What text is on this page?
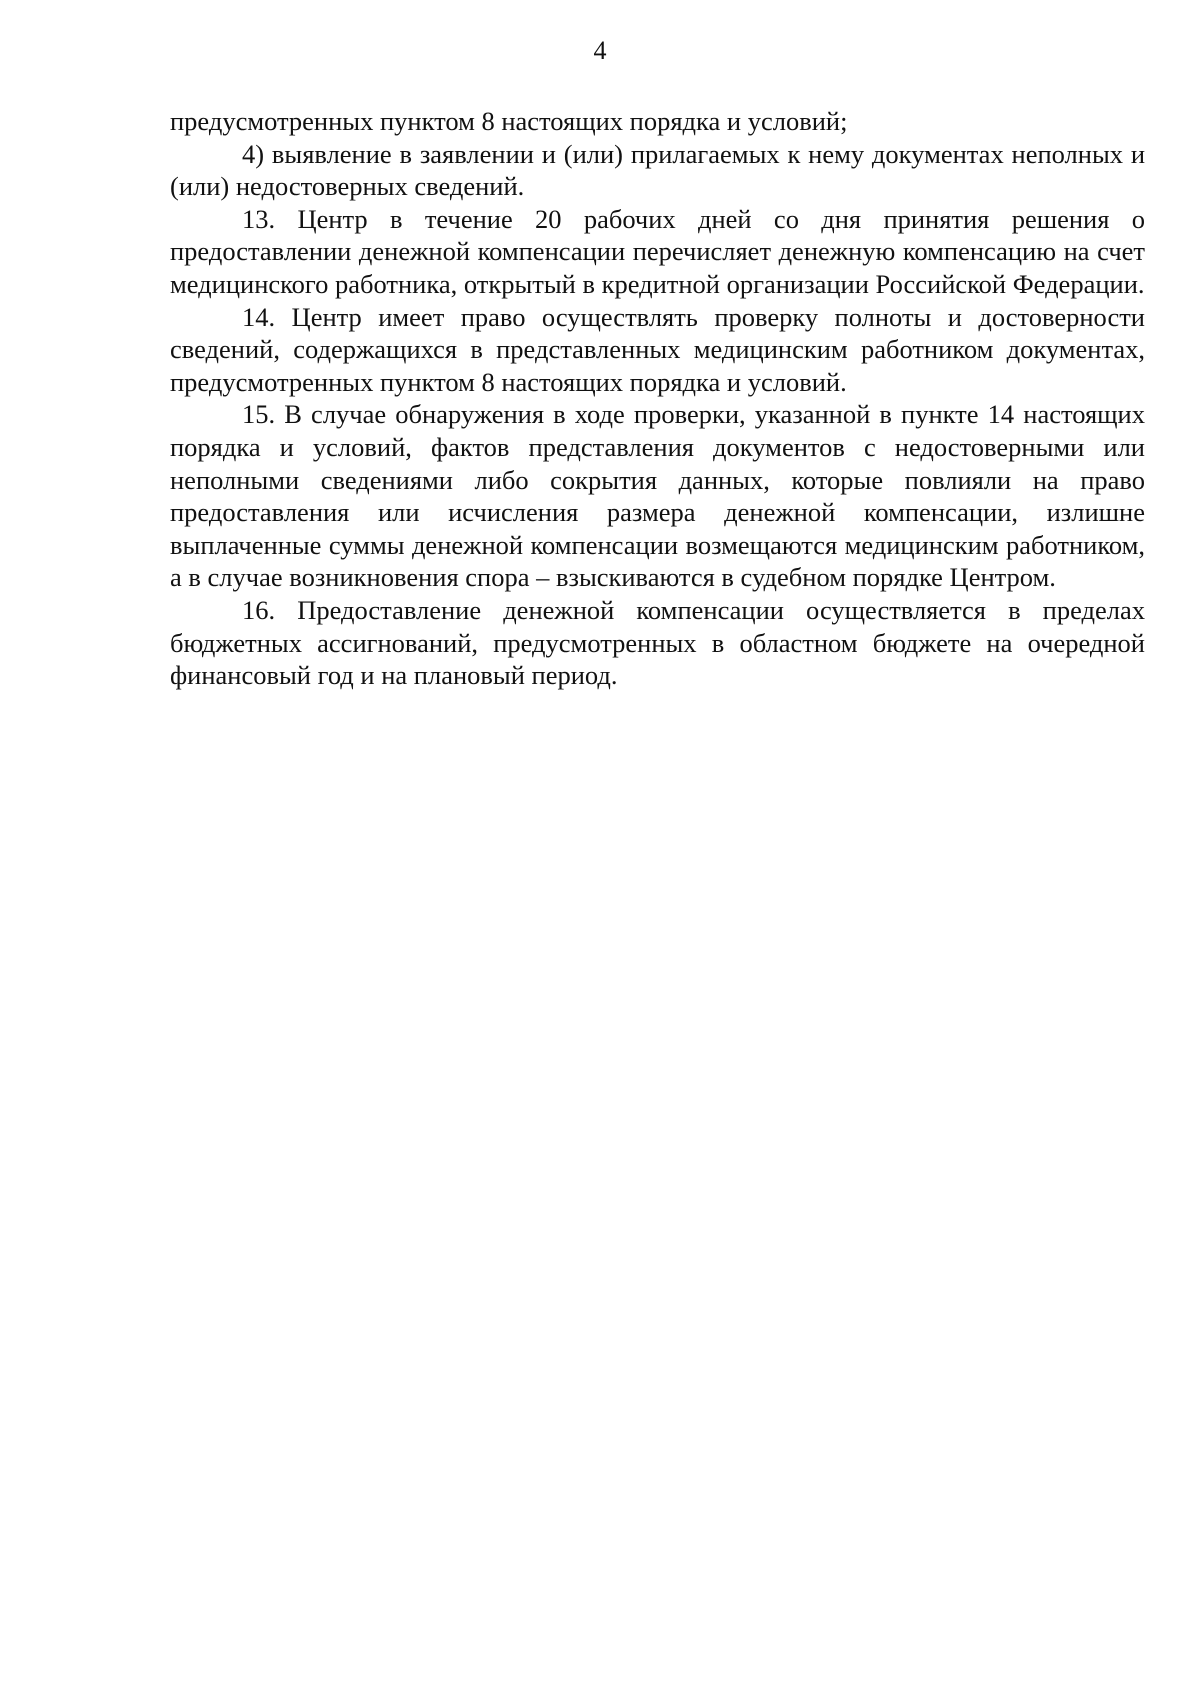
4

предусмотренных пунктом 8 настоящих порядка и условий;

4) выявление в заявлении и (или) прилагаемых к нему документах неполных и (или) недостоверных сведений.

13. Центр в течение 20 рабочих дней со дня принятия решения о предоставлении денежной компенсации перечисляет денежную компенсацию на счет медицинского работника, открытый в кредитной организации Российской Федерации.

14. Центр имеет право осуществлять проверку полноты и достоверности сведений, содержащихся в представленных медицинским работником документах, предусмотренных пунктом 8 настоящих порядка и условий.

15. В случае обнаружения в ходе проверки, указанной в пункте 14 настоящих порядка и условий, фактов представления документов с недостоверными или неполными сведениями либо сокрытия данных, которые повлияли на право предоставления или исчисления размера денежной компенсации, излишне выплаченные суммы денежной компенсации возмещаются медицинским работником, а в случае возникновения спора – взыскиваются в судебном порядке Центром.

16. Предоставление денежной компенсации осуществляется в пределах бюджетных ассигнований, предусмотренных в областном бюджете на очередной финансовый год и на плановый период.
